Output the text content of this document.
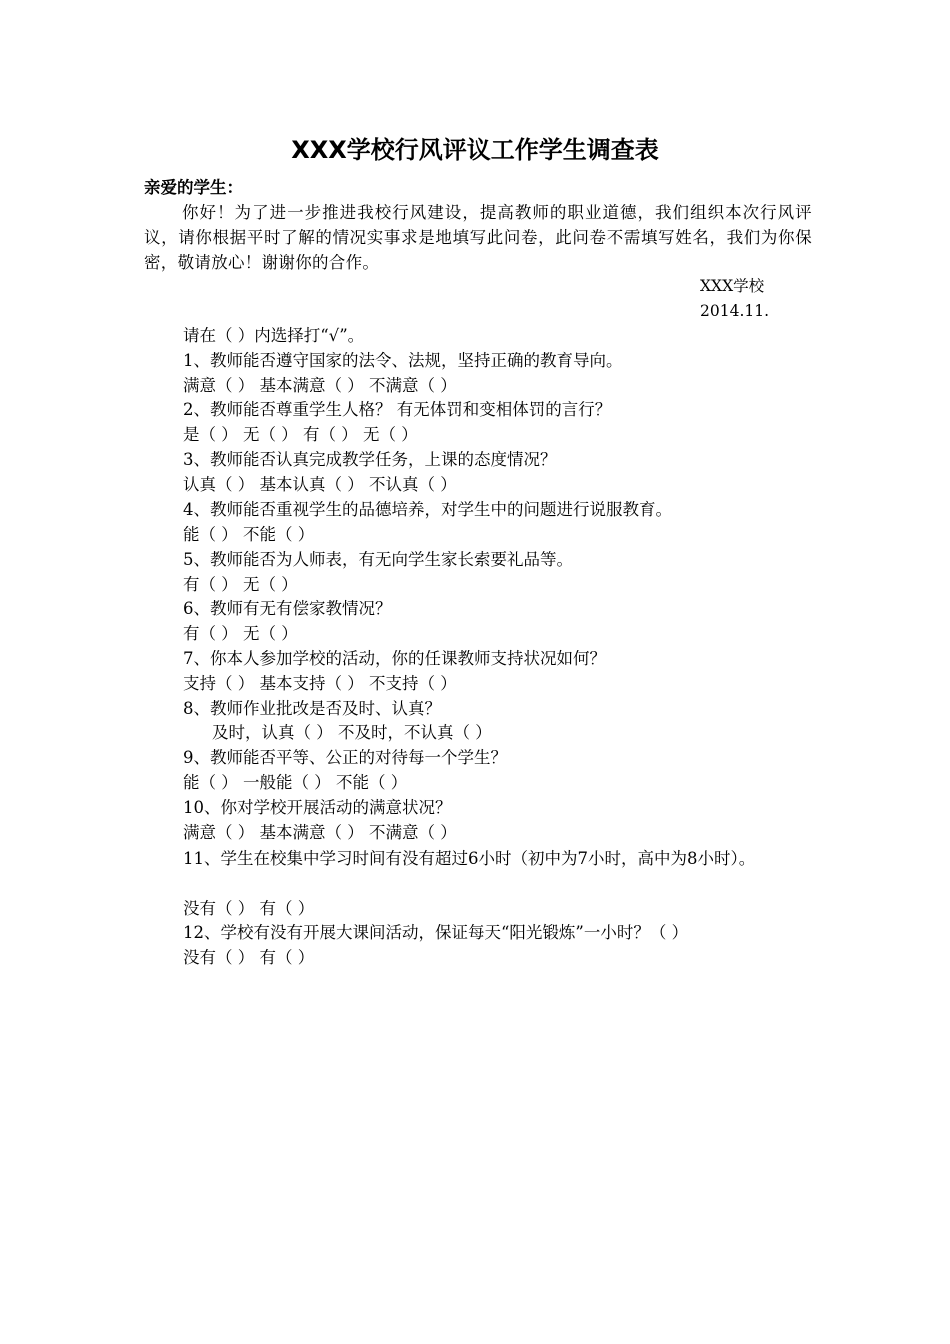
XXX学校行风评议工作学生调查表
亲爱的学生：
你好！为了进一步推进我校行风建设，提高教师的职业道德，我们组织本次行风评议，请你根据平时了解的情况实事求是地填写此问卷，此问卷不需填写姓名，我们为你保密，敬请放心！谢谢你的合作。
XXX学校
2014.11.
请在（ ）内选择打“√”。
1、教师能否遵守国家的法令、法规，坚持正确的教育导向。
满意（ ） 基本满意（ ） 不满意（ ）
2、教师能否尊重学生人格？ 有无体罚和变相体罚的言行？
是（ ） 无（ ） 有（ ） 无（ ）
3、教师能否认真完成教学任务，上课的态度情况？
认真（ ） 基本认真（ ） 不认真（ ）
4、教师能否重视学生的品德培养，对学生中的问题进行说服教育。
能（ ） 不能（ ）
5、教师能否为人师表，有无向学生家长索要礼品等。
有（ ） 无（ ）
6、教师有无有偿家教情况？
有（ ） 无（ ）
7、你本人参加学校的活动，你的任课教师支持状况如何？
支持（ ） 基本支持（ ） 不支持（ ）
8、教师作业批改是否及时、认真？
及时，认真（ ） 不及时，不认真（ ）
9、教师能否平等、公正的对待每一个学生？
能（ ） 一般能（ ） 不能（ ）
10、你对学校开展活动的满意状况？
满意（ ） 基本满意（ ） 不满意（ ）
11、学生在校集中学习时间有没有超过6小时（初中为7小时，高中为8小时）。
没有（ ） 有（ ）
12、学校有没有开展大课间活动，保证每天“阳光锻炼”一小时？（ ）
没有（ ） 有（ ）
